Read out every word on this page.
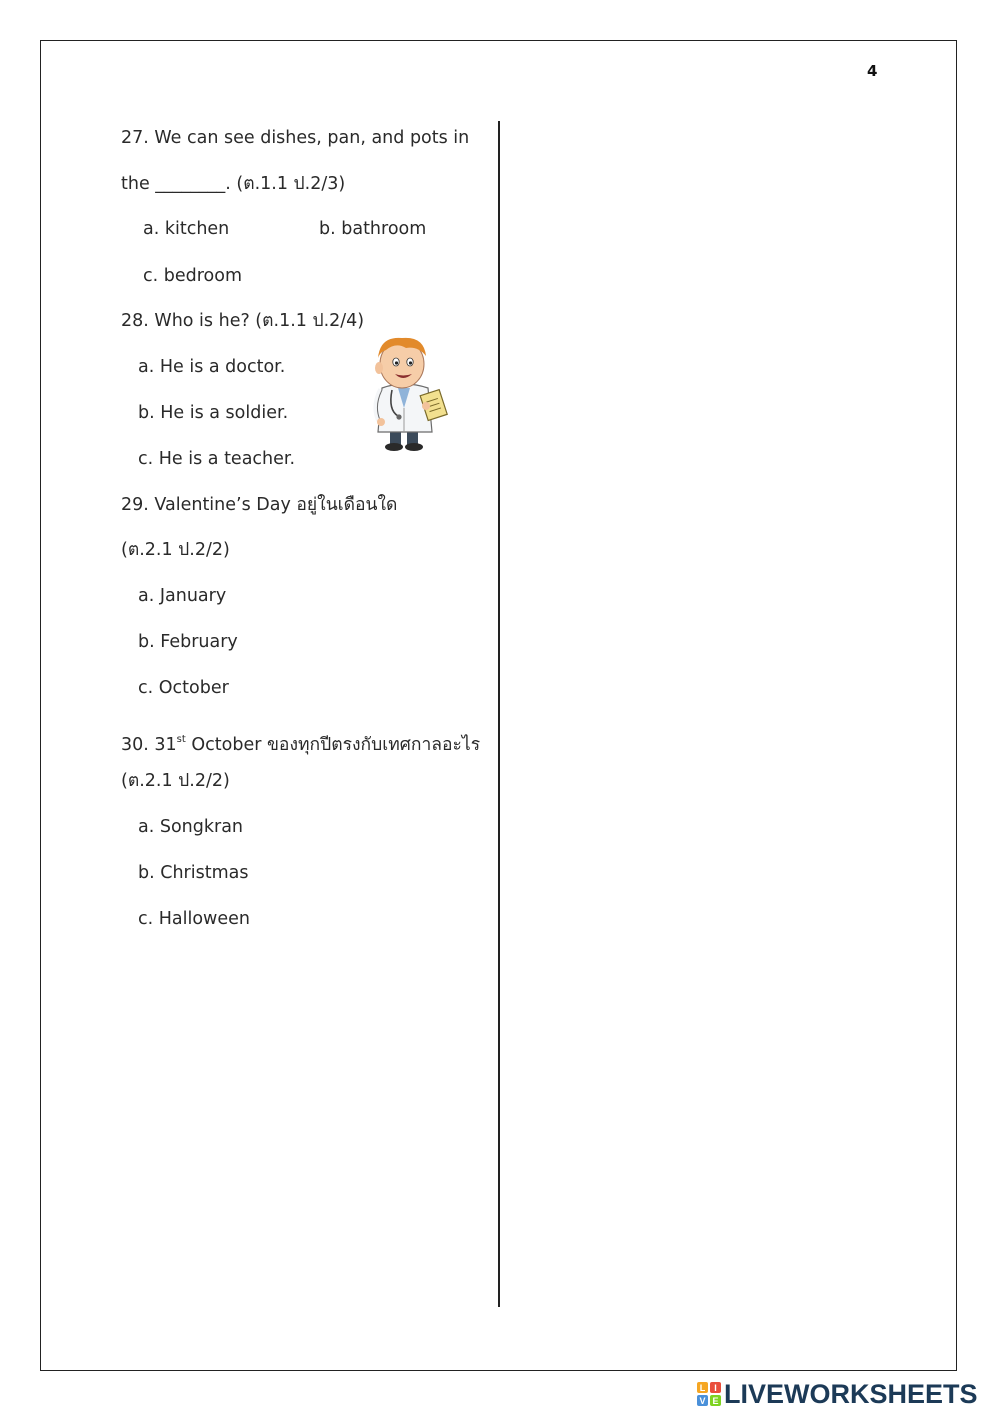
4
27. We can see dishes, pan, and pots in
the ________. (ต.1.1 ป.2/3)
a. kitchen	b. bathroom
c. bedroom
28. Who is he? (ต.1.1 ป.2/4)
a. He is a doctor.
b. He is a soldier.
c. He is a teacher.
29. Valentine’s Day อยู่ในเดือนใด
(ต.2.1 ป.2/2)
a. January
b. February
c. October
30. 31st October ของทุกปีตรงกับเทศกาลอะไร
(ต.2.1 ป.2/2)
a. Songkran
b. Christmas
c. Halloween
L I
V E LIVEWORKSHEETS
